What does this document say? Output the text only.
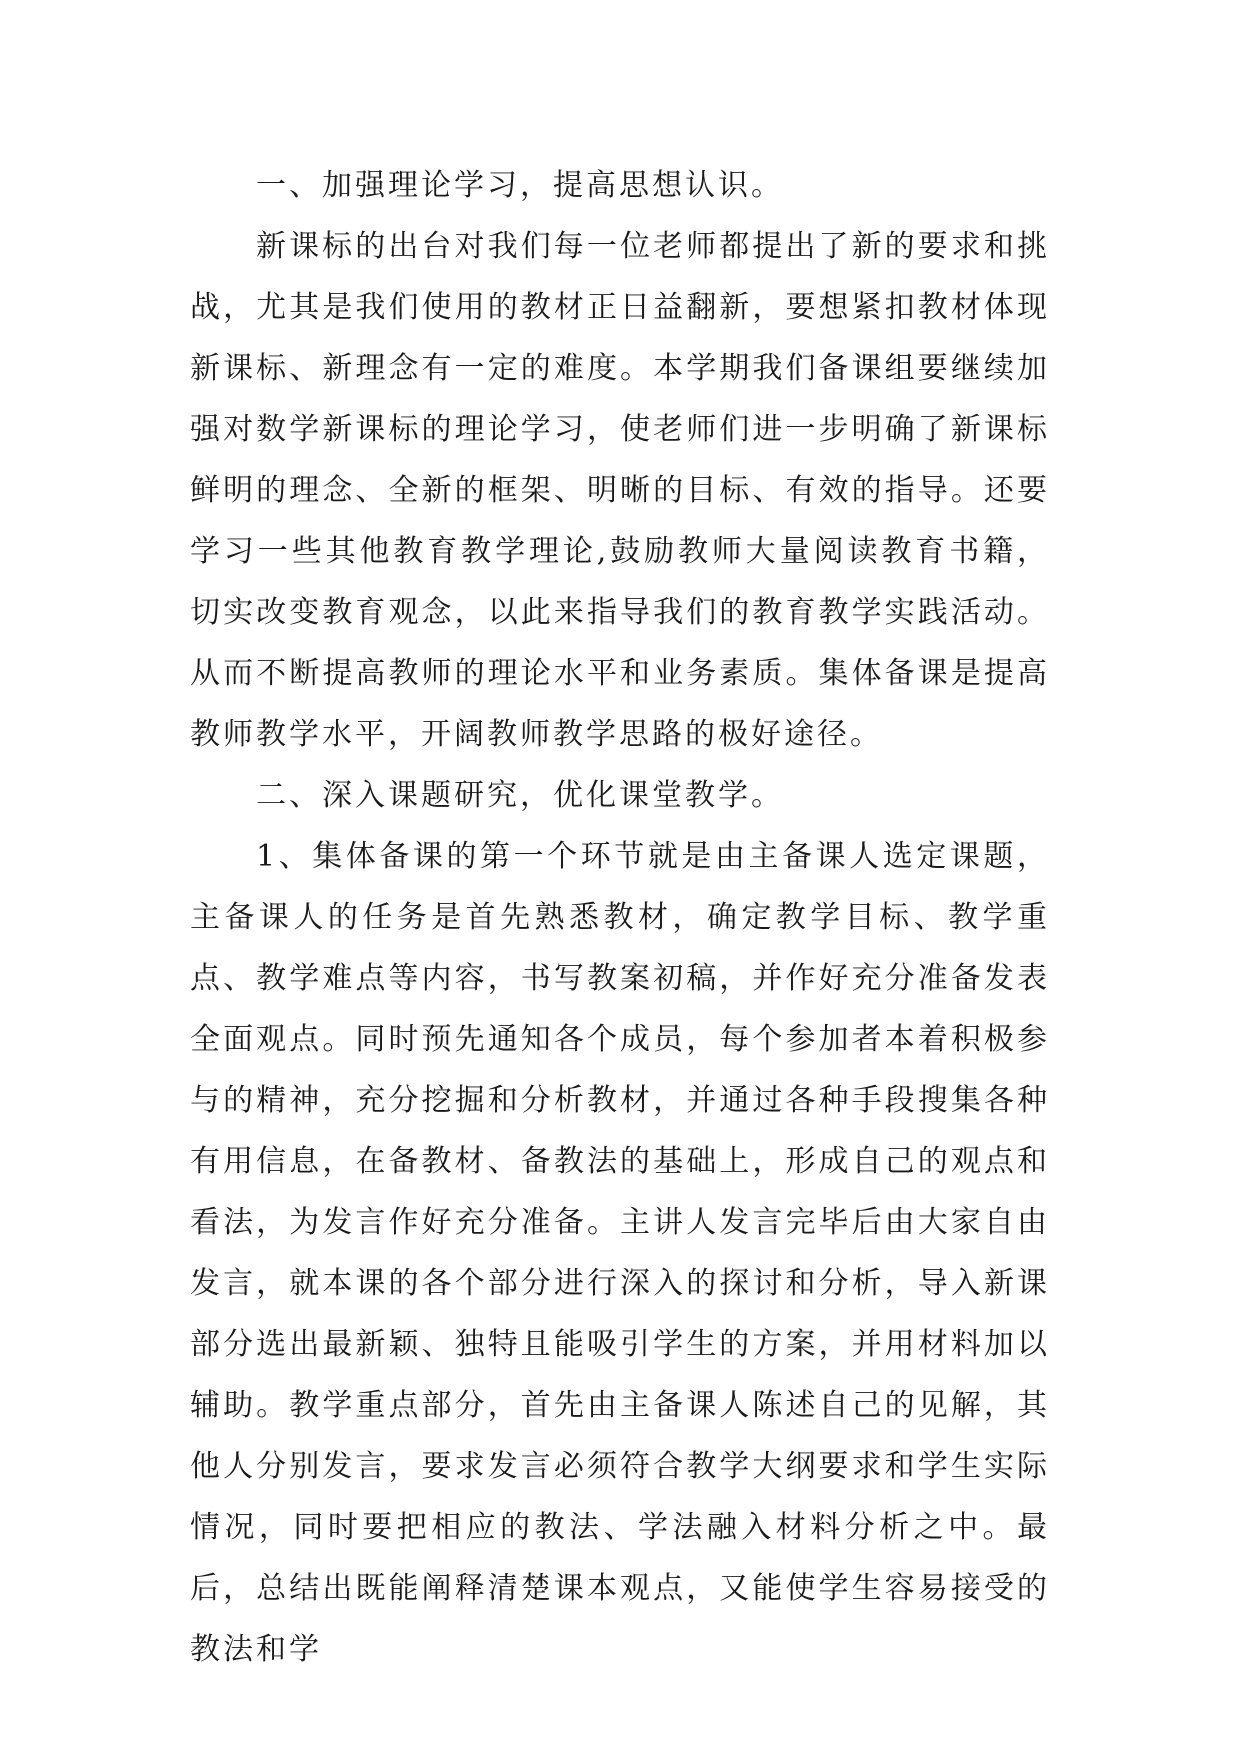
一、加强理论学习，提高思想认识。

新课标的出台对我们每一位老师都提出了新的要求和挑战，尤其是我们使用的教材正日益翻新，要想紧扣教材体现新课标、新理念有一定的难度。本学期我们备课组要继续加强对数学新课标的理论学习，使老师们进一步明确了新课标鲜明的理念、全新的框架、明晰的目标、有效的指导。还要学习一些其他教育教学理论,鼓励教师大量阅读教育书籍，切实改变教育观念，以此来指导我们的教育教学实践活动。从而不断提高教师的理论水平和业务素质。集体备课是提高教师教学水平，开阔教师教学思路的极好途径。

二、深入课题研究，优化课堂教学。

1、集体备课的第一个环节就是由主备课人选定课题，主备课人的任务是首先熟悉教材，确定教学目标、教学重点、教学难点等内容，书写教案初稿，并作好充分准备发表全面观点。同时预先通知各个成员，每个参加者本着积极参与的精神，充分挖掘和分析教材，并通过各种手段搜集各种有用信息，在备教材、备教法的基础上，形成自己的观点和看法，为发言作好充分准备。主讲人发言完毕后由大家自由发言，就本课的各个部分进行深入的探讨和分析，导入新课部分选出最新颖、独特且能吸引学生的方案，并用材料加以辅助。教学重点部分，首先由主备课人陈述自己的见解，其他人分别发言，要求发言必须符合教学大纲要求和学生实际情况，同时要把相应的教法、学法融入材料分析之中。最后，总结出既能阐释清楚课本观点，又能使学生容易接受的教法和学
